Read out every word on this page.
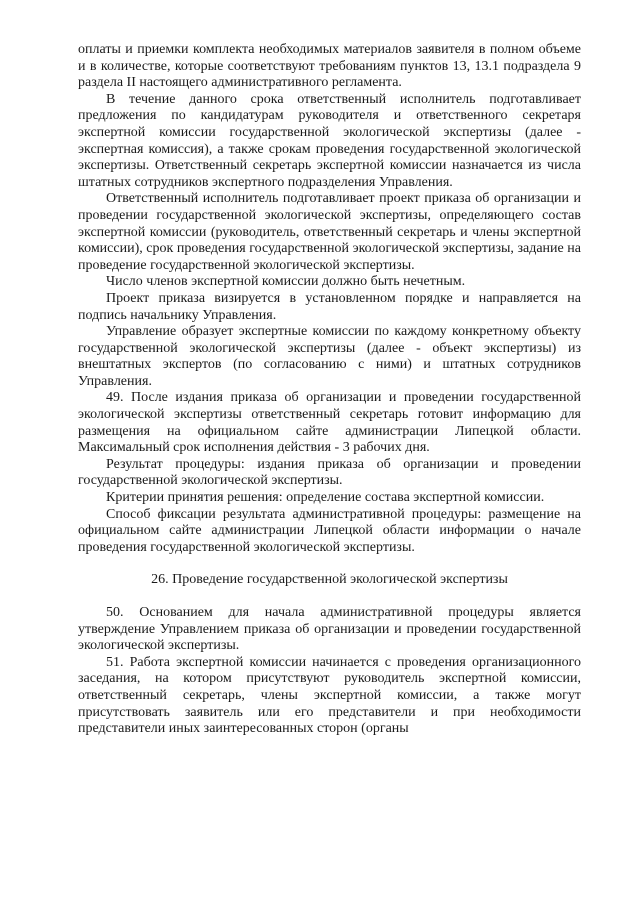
оплаты и приемки комплекта необходимых материалов заявителя в полном объеме и в количестве, которые соответствуют требованиям пунктов 13, 13.1 подраздела 9 раздела II настоящего административного регламента.

В течение данного срока ответственный исполнитель подготавливает предложения по кандидатурам руководителя и ответственного секретаря экспертной комиссии государственной экологической экспертизы (далее - экспертная комиссия), а также срокам проведения государственной экологической экспертизы. Ответственный секретарь экспертной комиссии назначается из числа штатных сотрудников экспертного подразделения Управления.

Ответственный исполнитель подготавливает проект приказа об организации и проведении государственной экологической экспертизы, определяющего состав экспертной комиссии (руководитель, ответственный секретарь и члены экспертной комиссии), срок проведения государственной экологической экспертизы, задание на проведение государственной экологической экспертизы.

Число членов экспертной комиссии должно быть нечетным.

Проект приказа визируется в установленном порядке и направляется на подпись начальнику Управления.

Управление образует экспертные комиссии по каждому конкретному объекту государственной экологической экспертизы (далее - объект экспертизы) из внештатных экспертов (по согласованию с ними) и штатных сотрудников Управления.

49. После издания приказа об организации и проведении государственной экологической экспертизы ответственный секретарь готовит информацию для размещения на официальном сайте администрации Липецкой области. Максимальный срок исполнения действия - 3 рабочих дня.

Результат процедуры: издания приказа об организации и проведении государственной экологической экспертизы.

Критерии принятия решения: определение состава экспертной комиссии.

Способ фиксации результата административной процедуры: размещение на официальном сайте администрации Липецкой области информации о начале проведения государственной экологической экспертизы.

26. Проведение государственной экологической экспертизы

50. Основанием для начала административной процедуры является утверждение Управлением приказа об организации и проведении государственной экологической экспертизы.

51. Работа экспертной комиссии начинается с проведения организационного заседания, на котором присутствуют руководитель экспертной комиссии, ответственный секретарь, члены экспертной комиссии, а также могут присутствовать заявитель или его представители и при необходимости представители иных заинтересованных сторон (органы
